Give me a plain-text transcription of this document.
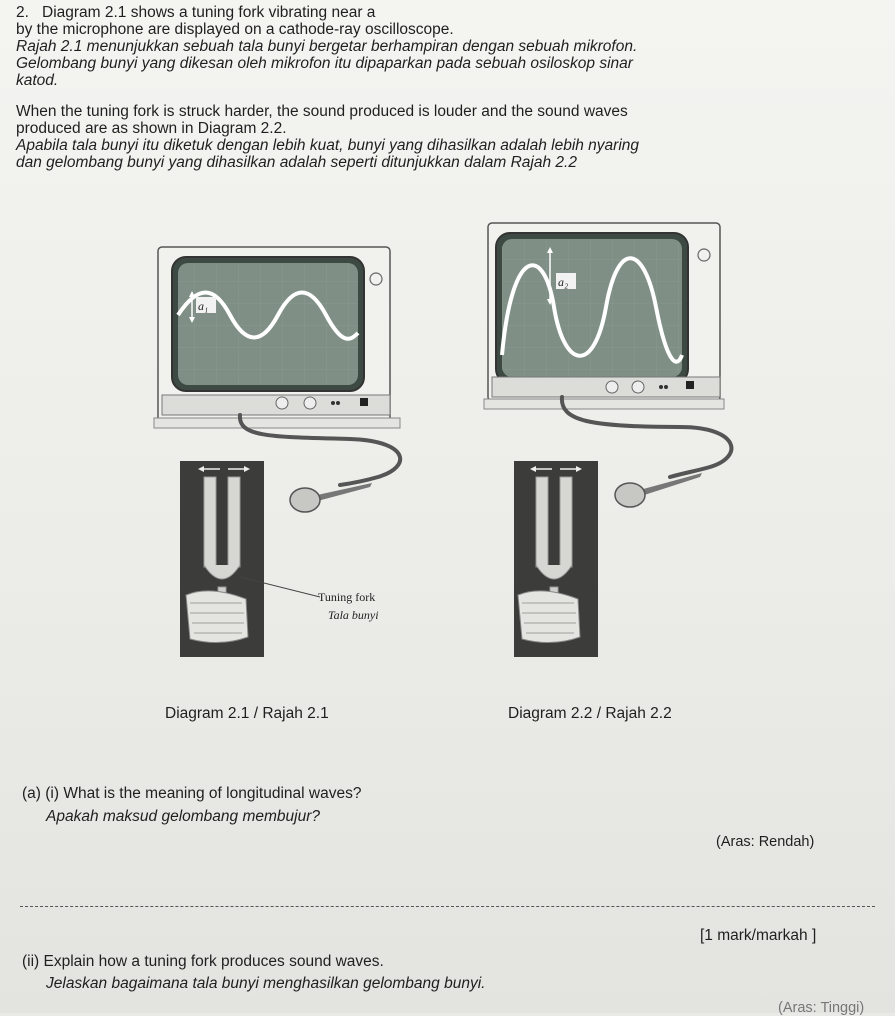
2. Diagram 2.1 shows a tuning fork vibrating near a

by the microphone are displayed on a cathode-ray oscilloscope.

Rajah 2.1 menunjukkan sebuah tala bunyi bergetar berhampiran dengan sebuah mikrofon.

Gelombang bunyi yang dikesan oleh mikrofon itu dipaparkan pada sebuah osiloskop sinar

katod.

When the tuning fork is struck harder, the sound produced is louder and the sound waves

produced are as shown in Diagram 2.2.

Apabila tala bunyi itu diketuk dengan lebih kuat, bunyi yang dihasilkan adalah lebih nyaring

dan gelombang bunyi yang dihasilkan adalah seperti ditunjukkan dalam Rajah 2.2

a₁
Tuning fork
Tala bunyi
a₂
Diagram 2.1 / Rajah 2.1	Diagram 2.2 / Rajah 2.2
(a) (i) What is the meaning of longitudinal waves?
Apakah maksud gelombang membujur?
(Aras: Rendah)
[1 mark/markah ]
(ii) Explain how a tuning fork produces sound waves.
Jelaskan bagaimana tala bunyi menghasilkan gelombang bunyi.
(Aras: Tinggi)
